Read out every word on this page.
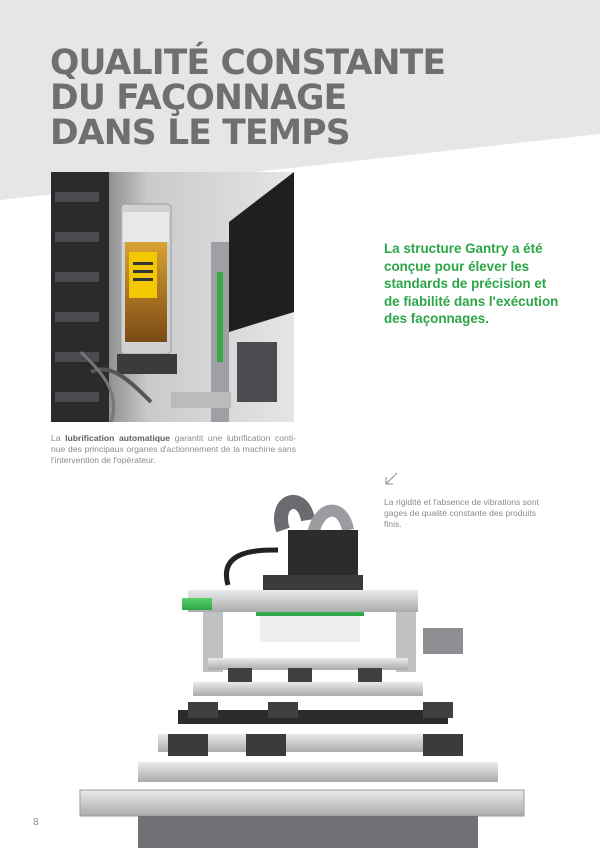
QUALITÉ CONSTANTE
DU FAÇONNAGE
DANS LE TEMPS

La lubrification automatique garantit une lubrification conti-nue des principaux organes d'actionnement de la machine sans l'intervention de l'opérateur.

La structure Gantry a été conçue pour élever les standards de précision et de fiabilité dans l'exécution des façonnages.

La rigidité et l'absence de vibrations sont gages de qualité constante des produits finis.

8
